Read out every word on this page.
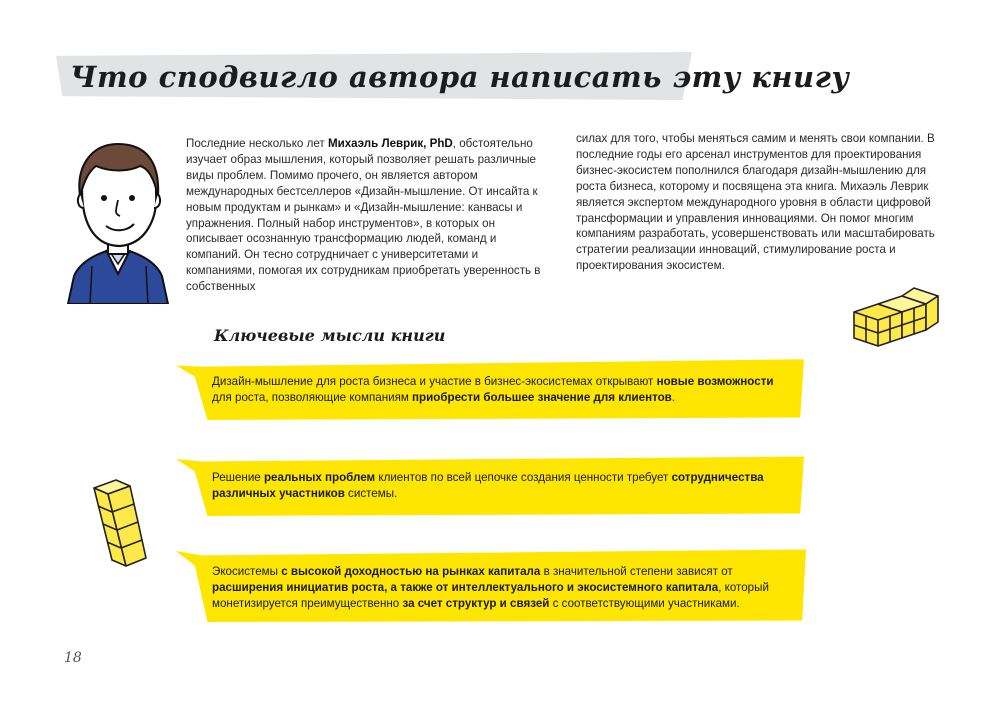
Что сподвигло автора написать эту книгу

Последние несколько лет Михаэль Леврик, PhD, обстоятельно изучает образ мышления, который позволяет решать различные виды проблем. Помимо прочего, он является автором международных бестселлеров «Дизайн-мышление. От инсайта к новым продуктам и рынкам» и «Дизайн-мышление: канвасы и упражнения. Полный набор инструментов», в которых он описывает осознанную трансформацию людей, команд и компаний. Он тесно сотрудничает с университетами и компаниями, помогая их сотрудникам приобретать уверенность в собственных

силах для того, чтобы меняться самим и менять свои компании. В последние годы его арсенал инструментов для проектирования бизнес-экосистем пополнился благодаря дизайн-мышлению для роста бизнеса, которому и посвящена эта книга. Михаэль Леврик является экспертом международного уровня в области цифровой трансформации и управления инновациями. Он помог многим компаниям разработать, усовершенствовать или масштабировать стратегии реализации инноваций, стимулирование роста и проектирования экосистем.

Ключевые мысли книги
Дизайн-мышление для роста бизнеса и участие в бизнес-экосистемах открывают новые возможности для роста, позволяющие компаниям приобрести большее значение для клиентов.
Решение реальных проблем клиентов по всей цепочке создания ценности требует сотрудничества различных участников системы.
Экосистемы с высокой доходностью на рынках капитала в значительной степени зависят от расширения инициатив роста, а также от интеллектуального и экосистемного капитала, который монетизируется преимущественно за счет структур и связей с соответствующими участниками.
18
